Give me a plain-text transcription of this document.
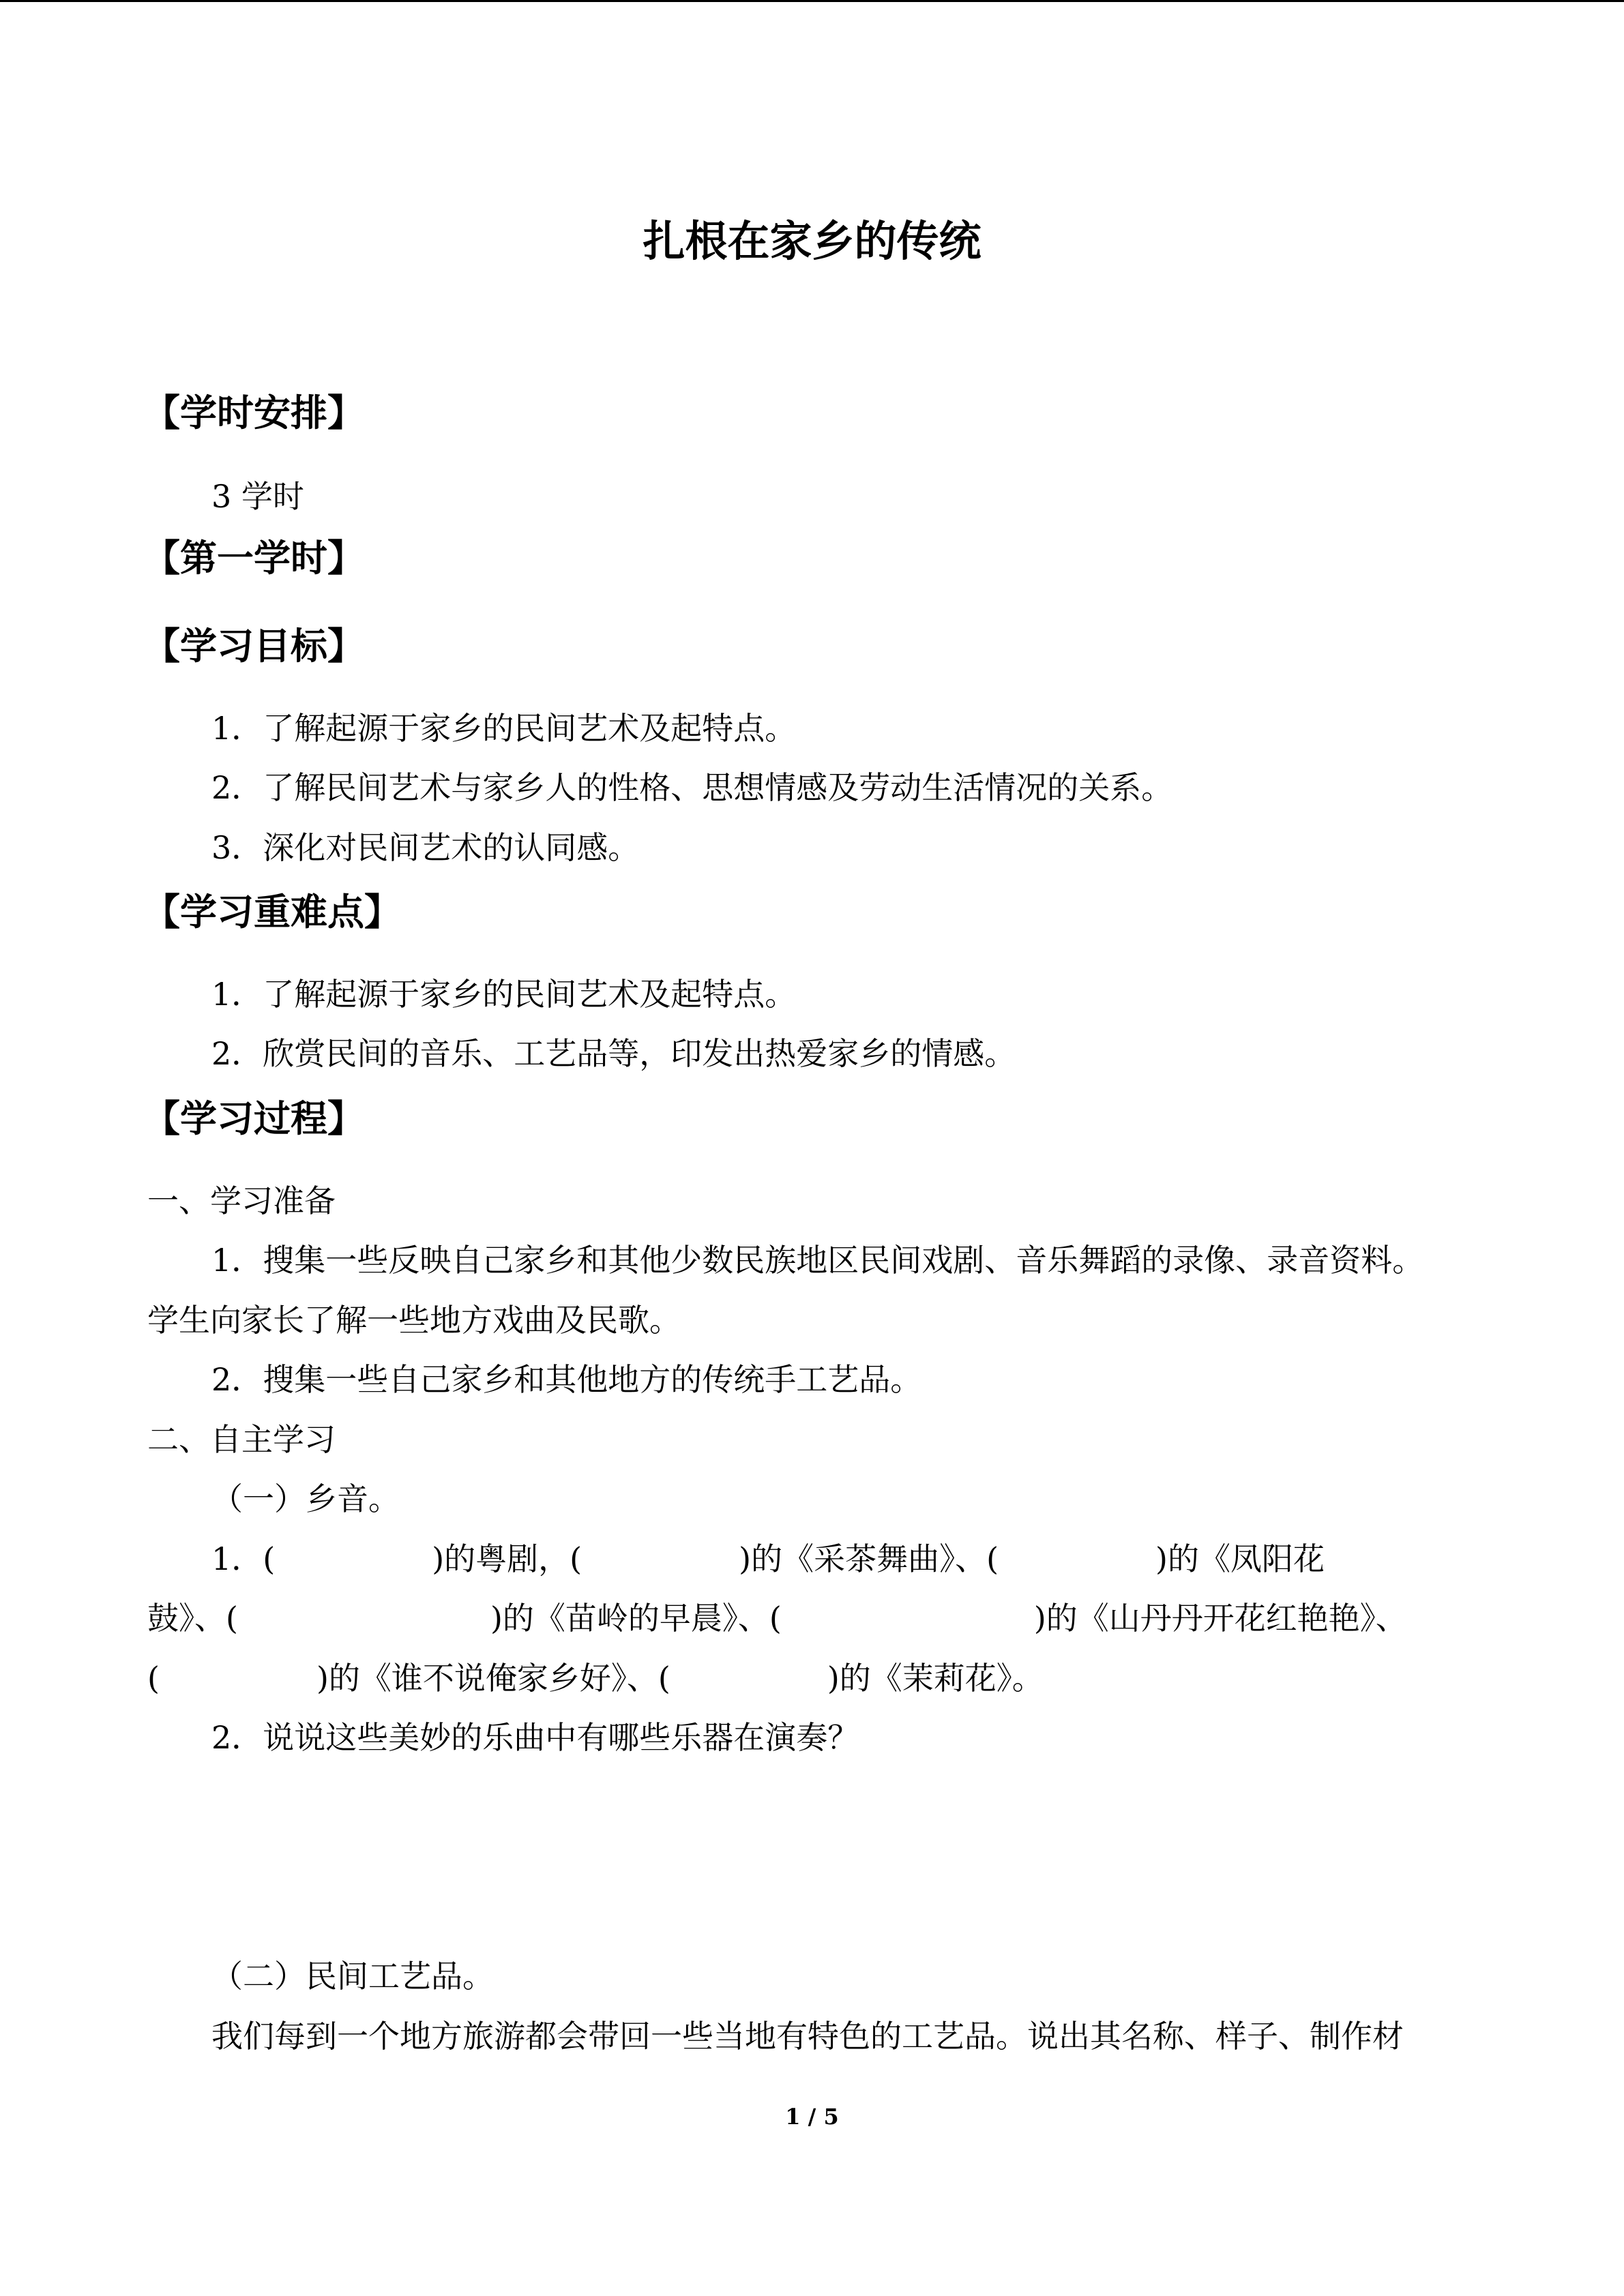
扎根在家乡的传统
【学时安排】
3 学时
【第一学时】
【学习目标】
1．了解起源于家乡的民间艺术及起特点。
2．了解民间艺术与家乡人的性格、思想情感及劳动生活情况的关系。
3．深化对民间艺术的认同感。
【学习重难点】
1．了解起源于家乡的民间艺术及起特点。
2．欣赏民间的音乐、工艺品等，印发出热爱家乡的情感。
【学习过程】
一、学习准备
1．搜集一些反映自己家乡和其他少数民族地区民间戏剧、音乐舞蹈的录像、录音资料。
学生向家长了解一些地方戏曲及民歌。
2．搜集一些自己家乡和其他地方的传统手工艺品。
二、自主学习
（一）乡音。
1．(	)的粤剧，(	)的《采茶舞曲》、(	)的《凤阳花
鼓》、(	)的《苗岭的早晨》、(	)的《山丹丹开花红艳艳》、
(	)的《谁不说俺家乡好》、(	)的《茉莉花》。
2．说说这些美妙的乐曲中有哪些乐器在演奏？
（二）民间工艺品。
我们每到一个地方旅游都会带回一些当地有特色的工艺品。说出其名称、样子、制作材
1 / 5
